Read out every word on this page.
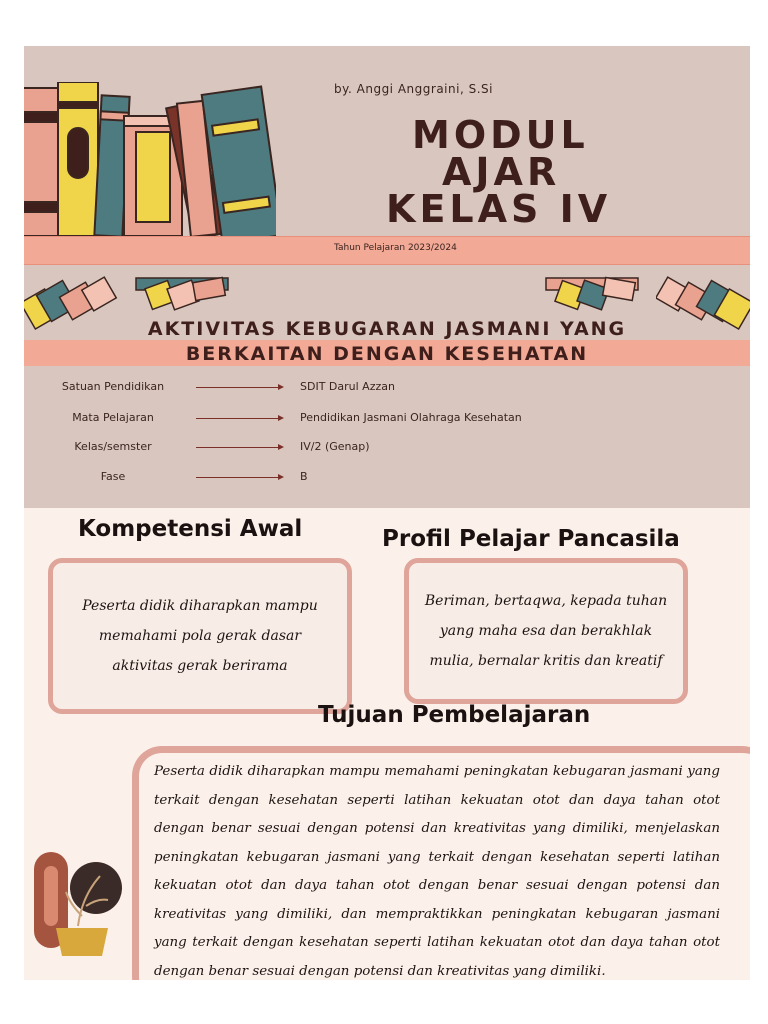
by. Anggi Anggraini, S.Si
MODUL
AJAR
KELAS IV
Tahun Pelajaran 2023/2024
AKTIVITAS KEBUGARAN JASMANI YANG
BERKAITAN DENGAN KESEHATAN
Satuan Pendidikan	SDIT Darul Azzan
Mata Pelajaran	Pendidikan Jasmani Olahraga Kesehatan
Kelas/semster	IV/2 (Genap)
Fase	B
Kompetensi Awal	Profil Pelajar Pancasila
Peserta didik diharapkan mampu memahami pola gerak dasar aktivitas gerak berirama
Beriman, bertaqwa, kepada tuhan yang maha esa dan berakhlak mulia, bernalar kritis dan kreatif
Tujuan Pembelajaran
Peserta didik diharapkan mampu memahami peningkatan kebugaran jasmani yang terkait dengan kesehatan seperti latihan kekuatan otot dan daya tahan otot dengan benar sesuai dengan potensi dan kreativitas yang dimiliki, menjelaskan peningkatan kebugaran jasmani yang terkait dengan kesehatan seperti latihan kekuatan otot dan daya tahan otot dengan benar sesuai dengan potensi dan kreativitas yang dimiliki, dan mempraktikkan peningkatan kebugaran jasmani yang terkait dengan kesehatan seperti latihan kekuatan otot dan daya tahan otot dengan benar sesuai dengan potensi dan kreativitas yang dimiliki.
